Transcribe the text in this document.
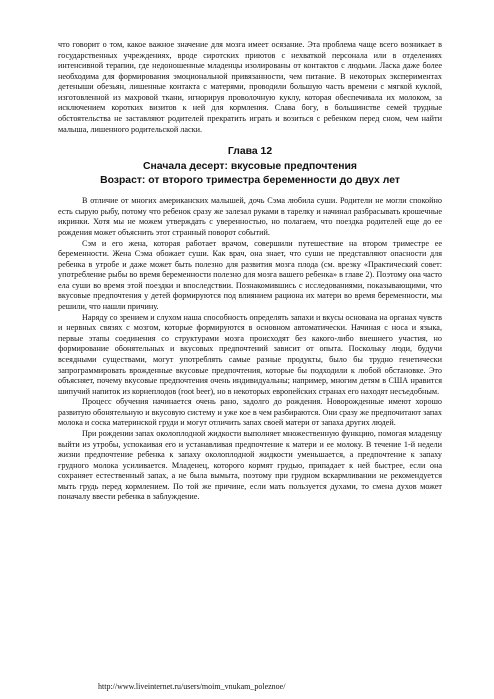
что говорит о том, какое важное значение для мозга имеет осязание. Эта проблема чаще всего возникает в государственных учреждениях, вроде сиротских приютов с нехваткой персонала или в отделениях интенсивной терапии, где недоношенные младенцы изолированы от контактов с людьми. Ласка даже более необходима для формирования эмоциональной привязанности, чем питание. В некоторых экспериментах детеныши обезьян, лишенные контакта с матерями, проводили большую часть времени с мягкой куклой, изготовленной из махровой ткани, игнорируя проволочную куклу, которая обеспечивала их молоком, за исключением коротких визитов к ней для кормления. Слава богу, в большинстве семей трудные обстоятельства не заставляют родителей прекратить играть и возиться с ребенком перед сном, чем найти малыша, лишенного родительской ласки.

Глава 12

Сначала десерт: вкусовые предпочтения

Возраст: от второго триместра беременности до двух лет

В отличие от многих американских малышей, дочь Сэма любила суши. Родители не могли спокойно есть сырую рыбу, потому что ребенок сразу же залезал руками в тарелку и начинал разбрасывать крошечные икринки. Хотя мы не можем утверждать с уверенностью, но полагаем, что поездка родителей еще до ее рождения может объяснить этот странный поворот событий.

Сэм и его жена, которая работает врачом, совершили путешествие на втором триместре ее беременности. Жена Сэма обожает суши. Как врач, она знает, что суши не представляют опасности для ребенка в утробе и даже может быть полезно для развития мозга плода (см. врезку «Практический совет: употребление рыбы во время беременности полезно для мозга вашего ребенка» в главе 2). Поэтому она часто ела суши во время этой поездки и впоследствии. Познакомившись с исследованиями, показывающими, что вкусовые предпочтения у детей формируются под влиянием рациона их матери во время беременности, мы решили, что нашли причину.

Наряду со зрением и слухом наша способность определять запахи и вкусы основана на органах чувств и нервных связях с мозгом, которые формируются в основном автоматически. Начиная с носа и языка, первые этапы соединения со структурами мозга происходят без какого-либо внешнего участия, но формирование обонятельных и вкусовых предпочтений зависит от опыта. Поскольку люди, будучи всеядными существами, могут употреблять самые разные продукты, было бы трудно генетически запрограммировать врожденные вкусовые предпочтения, которые бы подходили к любой обстановке. Это объясняет, почему вкусовые предпочтения очень индивидуальны; например, многим детям в США нравится шипучий напиток из корнеплодов (root beer), но в некоторых европейских странах его находят несъедобным.

Процесс обучения начинается очень рано, задолго до рождения. Новорожденные имеют хорошо развитую обонятельную и вкусовую систему и уже кое в чем разбираются. Они сразу же предпочитают запах молока и соска материнской груди и могут отличить запах своей матери от запаха других людей.

При рождении запах околоплодной жидкости выполняет множественную функцию, помогая младенцу выйти из утробы, успокаивая его и устанавливая предпочтение к матери и ее молоку. В течение 1-й недели жизни предпочтение ребенка к запаху околоплодной жидкости уменьшается, а предпочтение к запаху грудного молока усиливается. Младенец, которого кормят грудью, припадает к ней быстрее, если она сохраняет естественный запах, а не была вымыта, поэтому при грудном вскармливании не рекомендуется мыть грудь перед кормлением. По той же причине, если мать пользуется духами, то смена духов может поначалу ввести ребенка в заблуждение.

http://www.liveinternet.ru/users/moim_vnukam_poleznoe/
